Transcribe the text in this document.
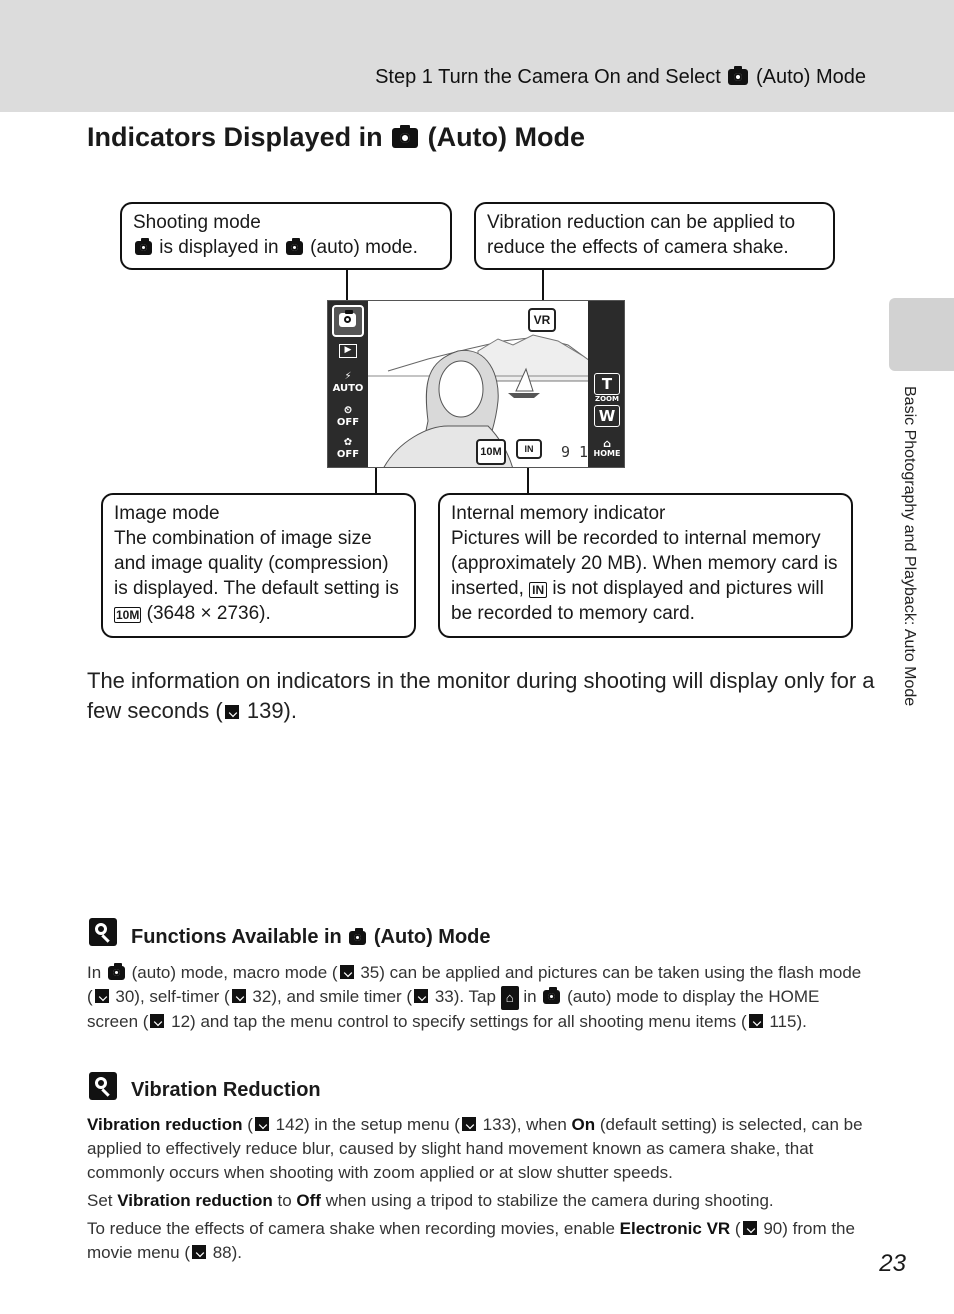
Step 1 Turn the Camera On and Select  (Auto) Mode
Basic Photography and Playback: Auto Mode
Indicators Displayed in  (Auto) Mode
Shooting mode
is displayed in  (auto) mode.
Vibration reduction can be applied to reduce the effects of camera shake.
Image mode
The combination of image size and image quality (compression) is displayed. The default setting is 10M (3648 × 2736).
Internal memory indicator
Pictures will be recorded to internal memory (approximately 20 MB). When memory card is inserted, IN is not displayed and pictures will be recorded to memory card.
▶
⚡
AUTO
⏲
OFF
✿
OFF
VR
10M	IN	9 1
T
ZOOM
W
⌂
HOME
The information on indicators in the monitor during shooting will display only for a few seconds ( 139).
Functions Available in  (Auto) Mode
In  (auto) mode, macro mode ( 35) can be applied and pictures can be taken using the flash mode ( 30), self-timer ( 32), and smile timer ( 33). Tap ⌂ in  (auto) mode to display the HOME screen ( 12) and tap the menu control to specify settings for all shooting menu items ( 115).
Vibration Reduction
Vibration reduction ( 142) in the setup menu ( 133), when On (default setting) is selected, can be applied to effectively reduce blur, caused by slight hand movement known as camera shake, that commonly occurs when shooting with zoom applied or at slow shutter speeds.
Set Vibration reduction to Off when using a tripod to stabilize the camera during shooting.
To reduce the effects of camera shake when recording movies, enable Electronic VR ( 90) from the movie menu ( 88).	23
